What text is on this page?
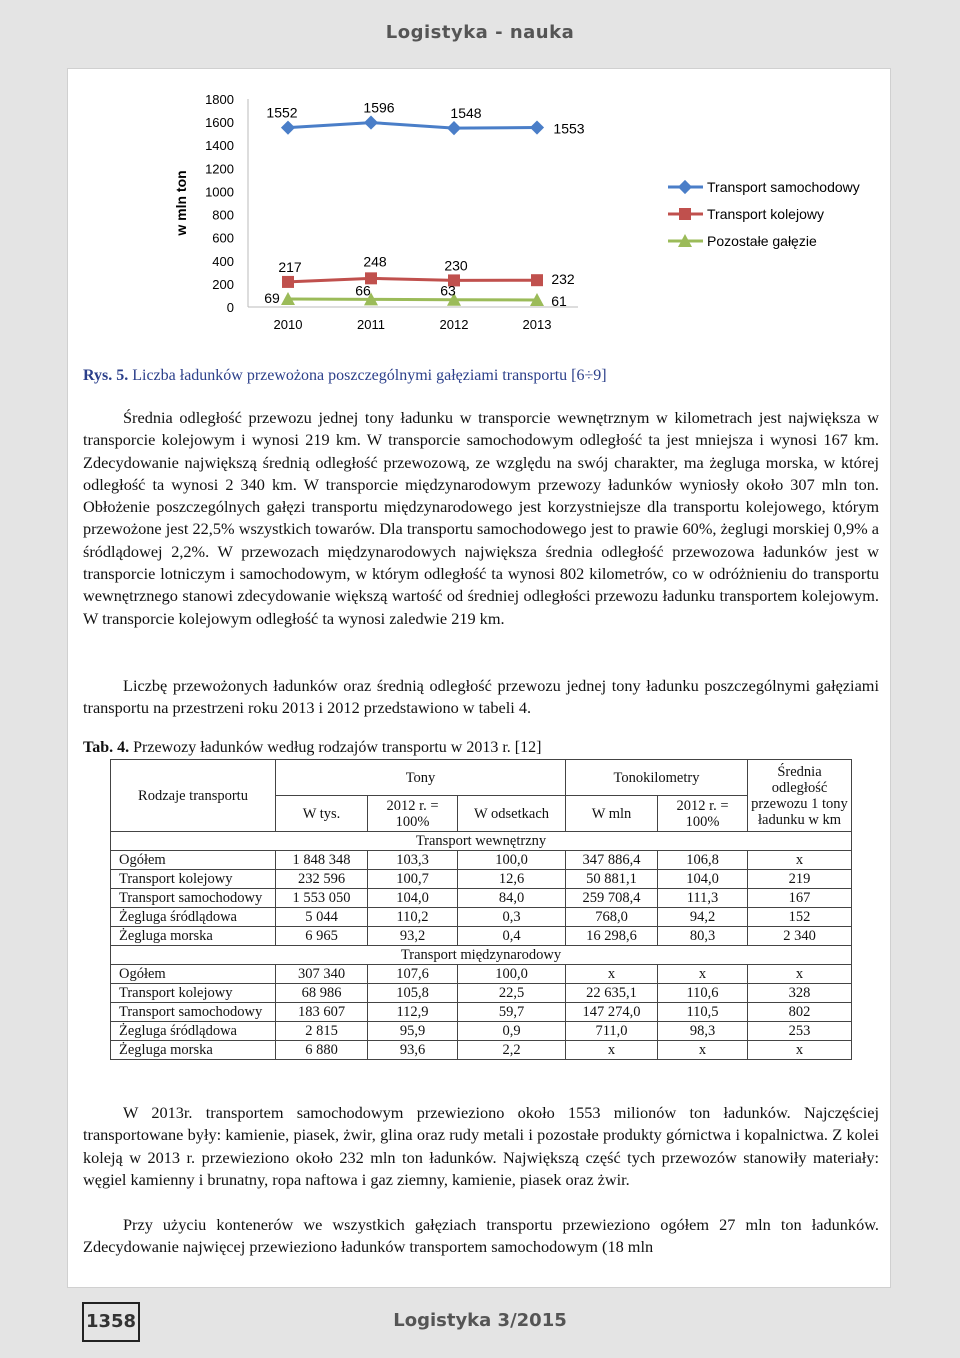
Logistyka - nauka
w mln ton
0
200
400
600
800
1000
1200
1400
1600
1800
2010	2011	2012	2013
1552	1596	1548
1553
217	248	230
232
69	66	63
61
Transport samochodowy
Transport kolejowy
Pozostałe gałęzie
Rys. 5. Liczba ładunków przewożona poszczególnymi gałęziami transportu [6÷9]

Średnia odległość przewozu jednej tony ładunku w transporcie wewnętrznym w kilometrach jest największa w transporcie kolejowym i wynosi 219 km. W transporcie samochodowym odległość ta jest mniejsza i wynosi 167 km. Zdecydowanie największą średnią odległość przewozową, ze względu na swój charakter, ma żegluga morska, w której odległość ta wynosi 2 340 km. W transporcie międzynarodowym przewozy ładunków wyniosły około 307 mln ton. Obłożenie poszczególnych gałęzi transportu międzynarodowego jest korzystniejsze dla transportu kolejowego, którym przewożone jest 22,5% wszystkich towarów. Dla transportu samochodowego jest to prawie 60%, żeglugi morskiej 0,9% a śródlądowej 2,2%. W przewozach międzynarodowych największa średnia odległość przewozowa ładunków jest w transporcie lotniczym i samochodowym, w którym odległość ta wynosi 802 kilometrów, co w odróżnieniu do transportu wewnętrznego stanowi zdecydowanie większą wartość od średniej odległości przewozu ładunku transportem kolejowym. W transporcie kolejowym odległość ta wynosi zaledwie 219 km.

Liczbę przewożonych ładunków oraz średnią odległość przewozu jednej tony ładunku poszczególnymi gałęziami transportu na przestrzeni roku 2013 i 2012 przedstawiono w tabeli 4.

Tab. 4. Przewozy ładunków według rodzajów transportu w 2013 r. [12]
Rodzaje transportu	Tony			Tonokilometry		Średnia odległość przewozu 1 tony ładunku w km
	W tys.	2012 r. = 100%	W odsetkach	W mln	2012 r. = 100%	
Transport wewnętrzny						
Ogółem	1 848 348	103,3	100,0	347 886,4	106,8	x
Transport kolejowy	232 596	100,7	12,6	50 881,1	104,0	219
Transport samochodowy	1 553 050	104,0	84,0	259 708,4	111,3	167
Żegluga śródlądowa	5 044	110,2	0,3	768,0	94,2	152
Żegluga morska	6 965	93,2	0,4	16 298,6	80,3	2 340
Transport międzynarodowy						
Ogółem	307 340	107,6	100,0	x	x	x
Transport kolejowy	68 986	105,8	22,5	22 635,1	110,6	328
Transport samochodowy	183 607	112,9	59,7	147 274,0	110,5	802
Żegluga śródlądowa	2 815	95,9	0,9	711,0	98,3	253
Żegluga morska	6 880	93,6	2,2	x	x	x

W 2013r. transportem samochodowym przewieziono około 1553 milionów ton ładunków. Najczęściej transportowane były: kamienie, piasek, żwir, glina oraz rudy metali i pozostałe produkty górnictwa i kopalnictwa. Z kolei koleją w 2013 r. przewieziono około 232 mln ton ładunków. Największą część tych przewozów stanowiły materiały: węgiel kamienny i brunatny, ropa naftowa i gaz ziemny, kamienie, piasek oraz żwir.

Przy użyciu kontenerów we wszystkich gałęziach transportu przewieziono ogółem 27 mln ton ładunków. Zdecydowanie najwięcej przewieziono ładunków transportem samochodowym (18 mln

1358	Logistyka 3/2015
